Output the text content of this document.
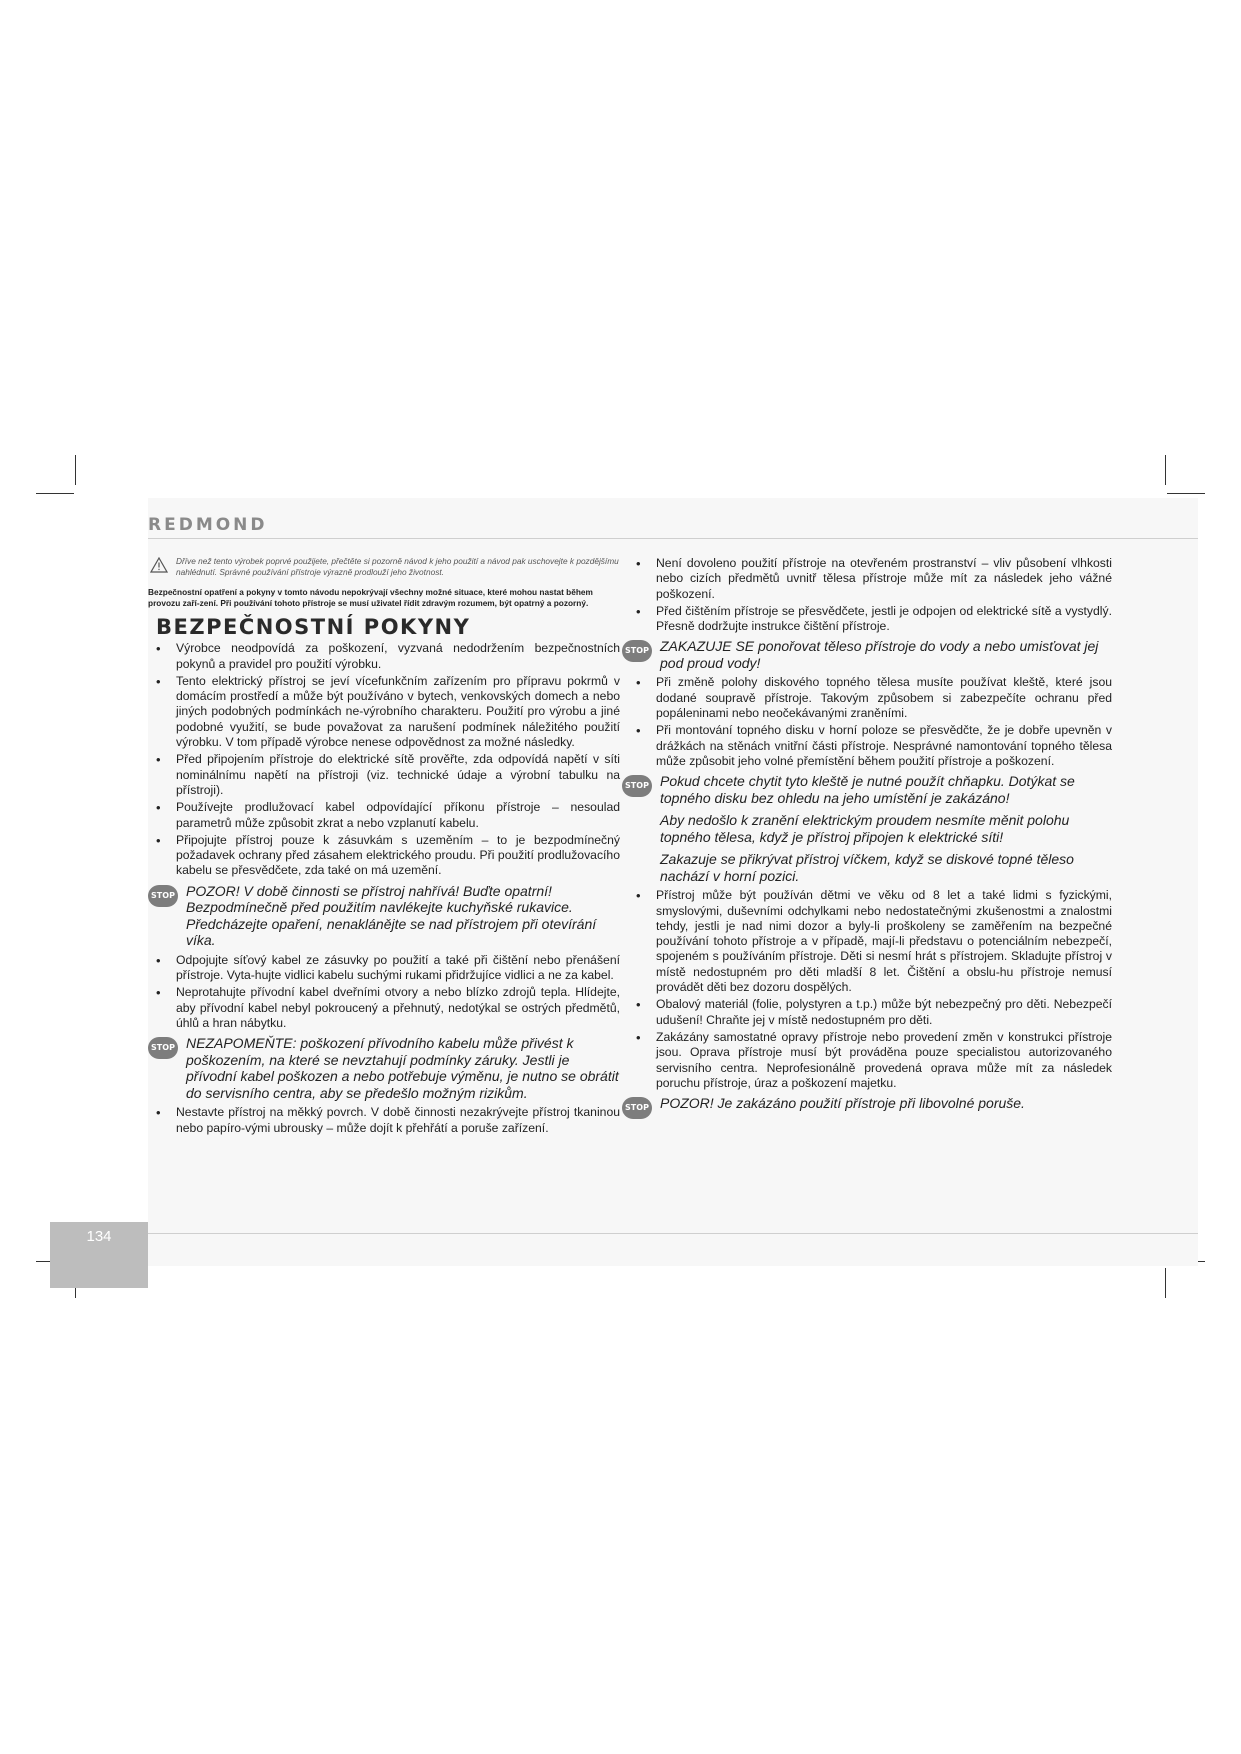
REDMOND
Dříve než tento výrobek poprvé použijete, přečtěte si pozorně návod k jeho použití a návod pak uschovejte k pozdějšímu nahlédnutí. Správné používání přístroje výrazně prodlouží jeho životnost.
Bezpečnostní opatření a pokyny v tomto návodu nepokrývají všechny možné situace, které mohou nastat během provozu zaří-zení. Při používání tohoto přístroje se musí uživatel řídit zdravým rozumem, být opatrný a pozorný.
BEZPEČNOSTNÍ POKYNY
• Výrobce neodpovídá za poškození, vyzvaná nedodržením bezpečnostních pokynů a pravidel pro použití výrobku.
• Tento elektrický přístroj se jeví vícefunkčním zařízením pro přípravu pokrmů v domácím prostředí a může být používáno v bytech, venkovských domech a nebo jiných podobných podmínkách ne-výrobního charakteru. Použití pro výrobu a jiné podobné využití, se bude považovat za narušení podmínek náležitého použití výrobku. V tom případě výrobce nenese odpovědnost za možné následky.
• Před připojením přístroje do elektrické sítě prověřte, zda odpovídá napětí v síti nominálnímu napětí na přístroji (viz. technické údaje a výrobní tabulku na přístroji).
• Používejte prodlužovací kabel odpovídající příkonu přístroje – nesoulad parametrů může způsobit zkrat a nebo vzplanutí kabelu.
• Připojujte přístroj pouze k zásuvkám s uzeměním – to je bezpodmínečný požadavek ochrany před zásahem elektrického proudu. Při použití prodlužovacího kabelu se přesvědčete, zda také on má uzemění.
STOP POZOR! V době činnosti se přístroj nahřívá! Buďte opatrní! Bezpodmínečně před použitím navlékejte kuchyňské rukavice. Předcházejte opaření, nenaklánějte se nad přístrojem při otevírání víka.

• Odpojujte síťový kabel ze zásuvky po použití a také při čištění nebo přenášení přístroje. Vyta-hujte vidlici kabelu suchými rukami přidržujíce vidlici a ne za kabel.
• Neprotahujte přívodní kabel dveřními otvory a nebo blízko zdrojů tepla. Hlídejte, aby přívodní kabel nebyl pokroucený a přehnutý, nedotýkal se ostrých předmětů, úhlů a hran nábytku.
STOP NEZAPOMEŇTE: poškození přívodního kabelu může přivést k poškozením, na které se nevztahují podmínky záruky. Jestli je přívodní kabel poškozen a nebo potřebuje výměnu, je nutno se obrátit do servisního centra, aby se předešlo možným rizikům.

• Nestavte přístroj na měkký povrch. V době činnosti nezakrývejte přístroj tkaninou nebo papíro-vými ubrousky – může dojít k přehřátí a poruše zařízení.
• Není dovoleno použití přístroje na otevřeném prostranství – vliv působení vlhkosti nebo cizích předmětů uvnitř tělesa přístroje může mít za následek jeho vážné poškození.
• Před čištěním přístroje se přesvědčete, jestli je odpojen od elektrické sítě a vystydlý. Přesně dodržujte instrukce čištění přístroje.
STOP ZAKAZUJE SE ponořovat těleso přístroje do vody a nebo umisťovat jej pod proud vody!

• Při změně polohy diskového topného tělesa musíte používat kleště, které jsou dodané soupravě přístroje. Takovým způsobem si zabezpečíte ochranu před popáleninami nebo neočekávanými zraněními.
• Při montování topného disku v horní poloze se přesvědčte, že je dobře upevněn v drážkách na stěnách vnitřní části přístroje. Nesprávné namontování topného tělesa může způsobit jeho volné přemístění během použití přístroje a poškození.
STOP Pokud chcete chytit tyto kleště je nutné použít chňapku. Dotýkat se topného disku bez ohledu na jeho umístění je zakázáno!

Aby nedošlo k zranění elektrickým proudem nesmíte měnit polohu topného tělesa, když je přístroj připojen k elektrické síti!

Zakazuje se přikrývat přístroj víčkem, když se diskové topné těleso nachází v horní pozici.

• Přístroj může být používán dětmi ve věku od 8 let a také lidmi s fyzickými, smyslovými, duševními odchylkami nebo nedostatečnými zkušenostmi a znalostmi tehdy, jestli je nad nimi dozor a byly-li proškoleny se zaměřením na bezpečné používání tohoto přístroje a v případě, mají-li představu o potenciálním nebezpečí, spojeném s používáním přístroje. Děti si nesmí hrát s přístrojem. Skladujte přístroj v místě nedostupném pro děti mladší 8 let. Čištění a obslu-hu přístroje nemusí provádět děti bez dozoru dospělých.
• Obalový materiál (folie, polystyren a t.p.) může být nebezpečný pro děti. Nebezpečí udušení! Chraňte jej v místě nedostupném pro děti.
• Zakázány samostatné opravy přístroje nebo provedení změn v konstrukci přístroje jsou. Oprava přístroje musí být prováděna pouze specialistou autorizovaného servisního centra. Neprofesionálně provedená oprava může mít za následek poruchu přístroje, úraz a poškození majetku.
STOP POZOR! Je zakázáno použití přístroje při libovolné poruše.

134
